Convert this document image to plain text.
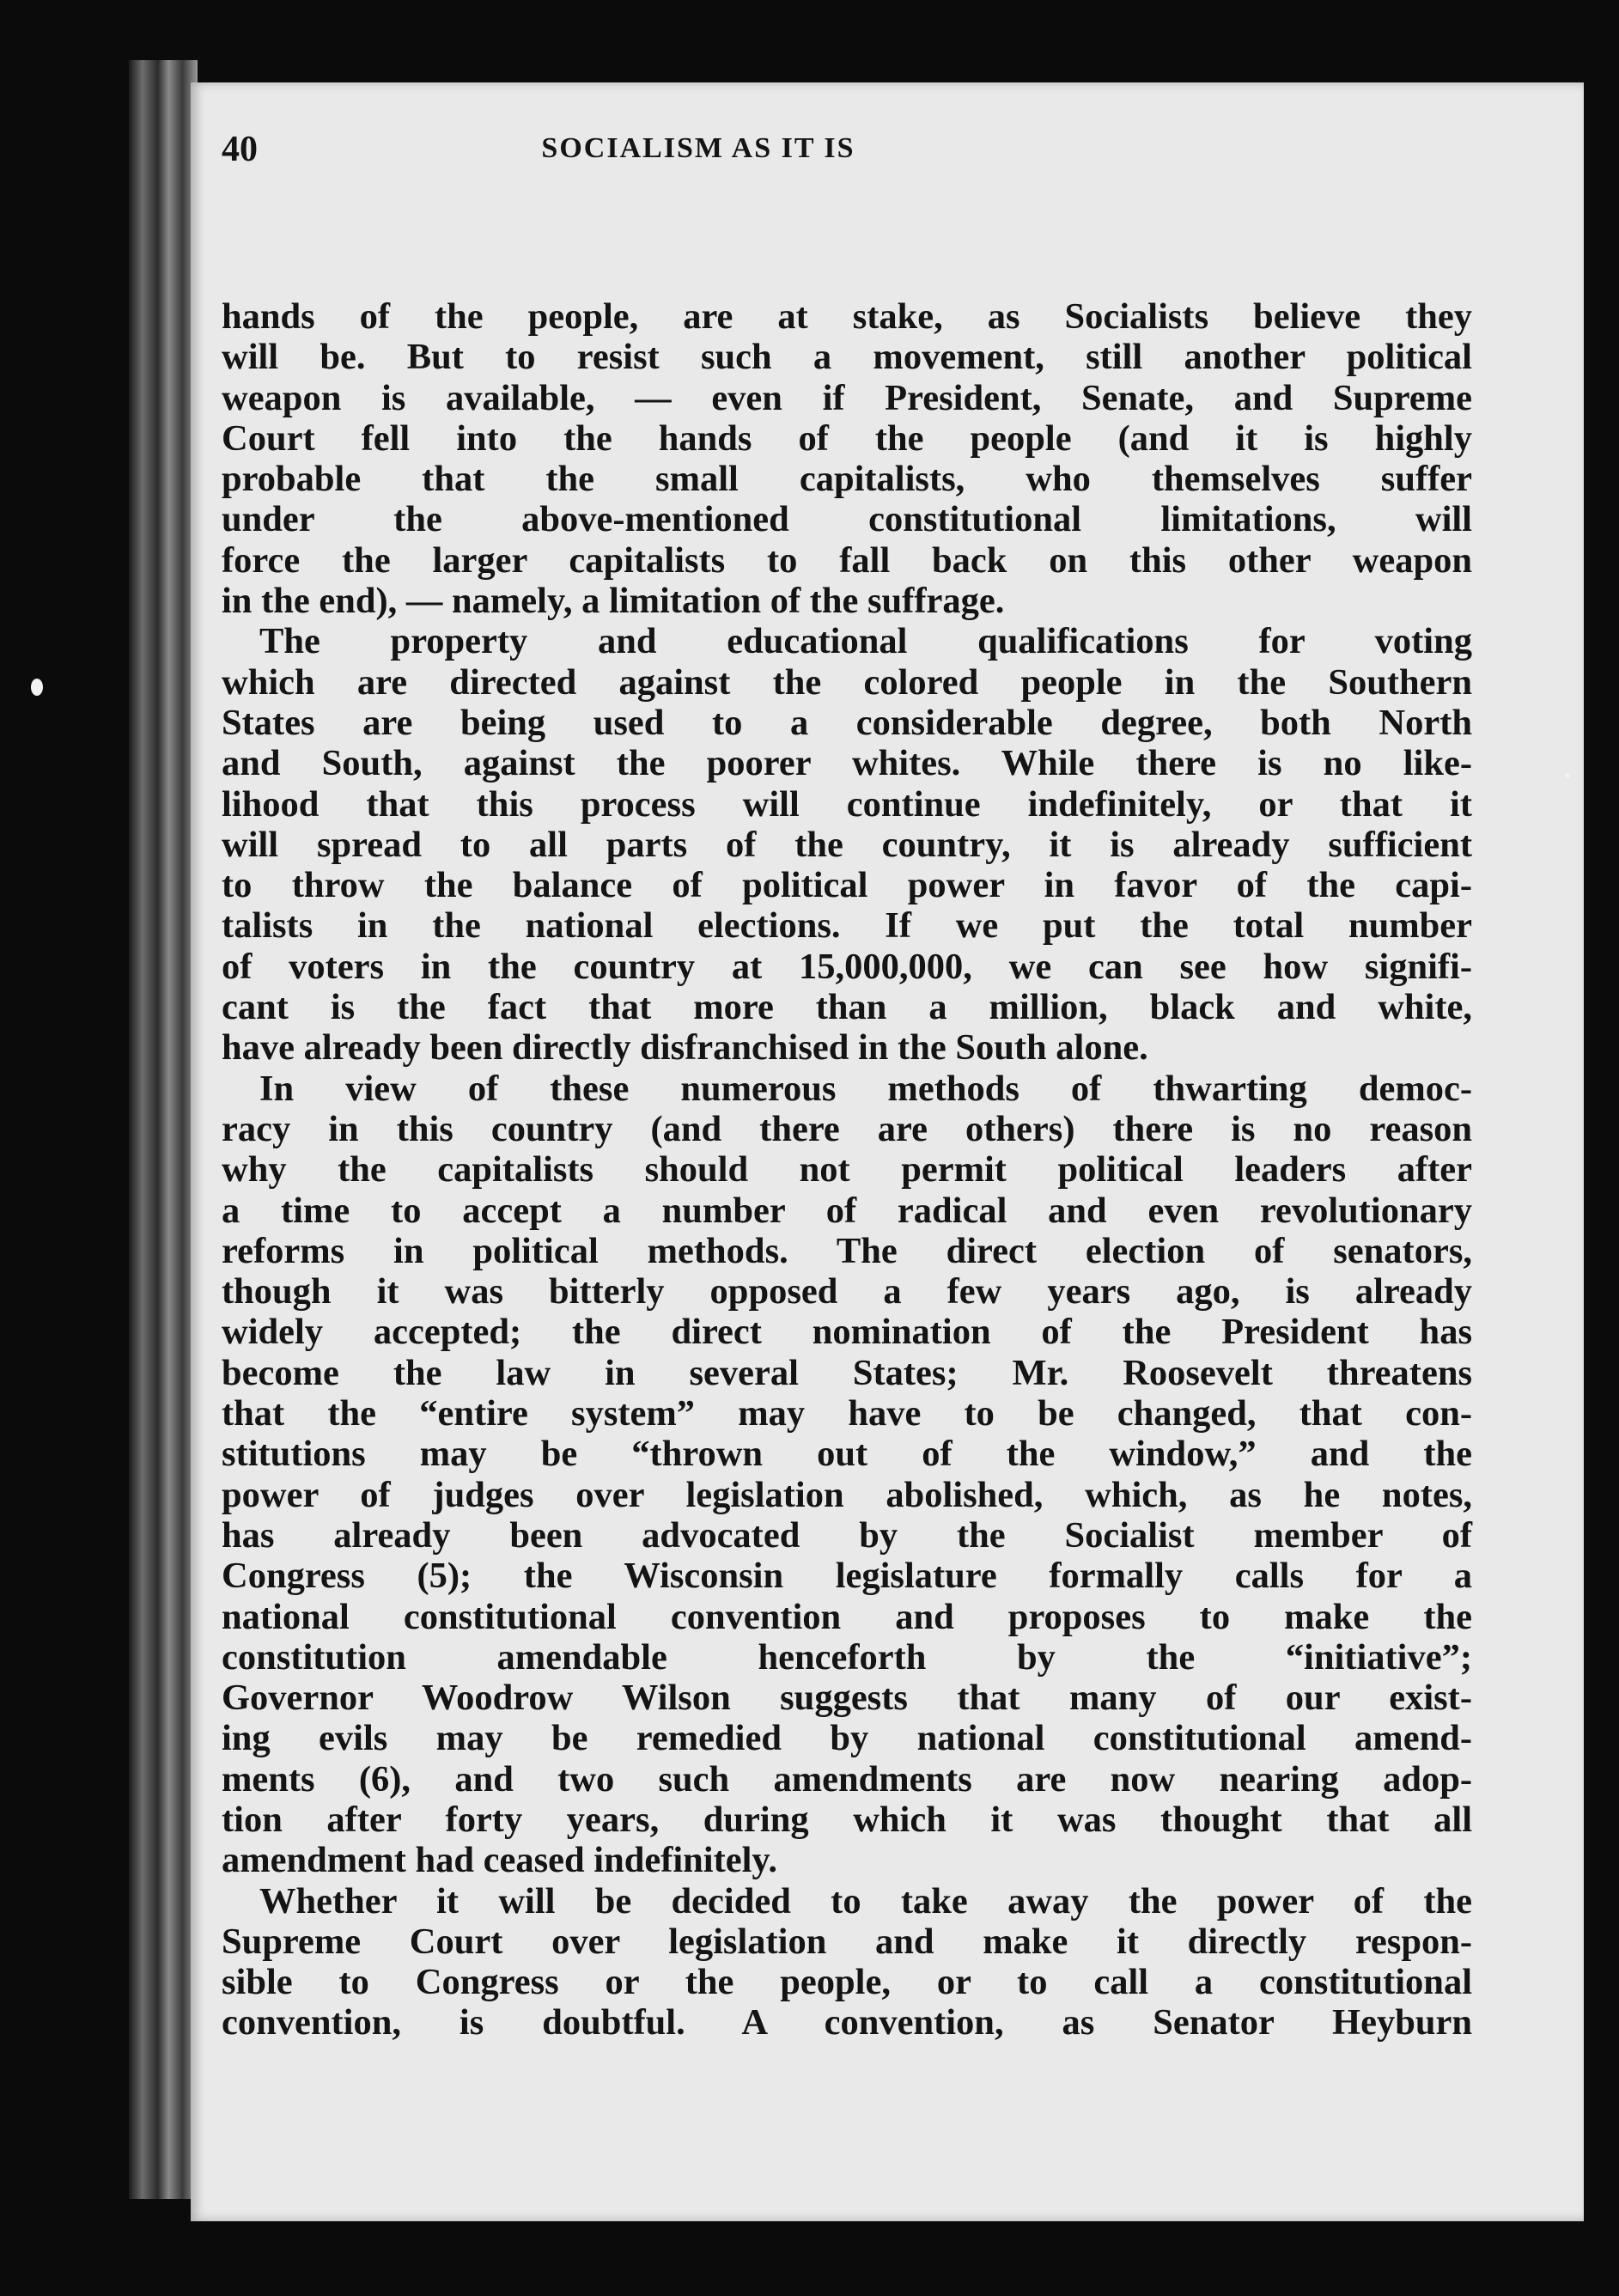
40	SOCIALISM AS IT IS
hands of the people, are at stake, as Socialists believe they
will be. But to resist such a movement, still another political
weapon is available, — even if President, Senate, and Supreme
Court fell into the hands of the people (and it is highly
probable that the small capitalists, who themselves suffer
under the above-mentioned constitutional limitations, will
force the larger capitalists to fall back on this other weapon
in the end), — namely, a limitation of the suffrage.
The property and educational qualifications for voting
which are directed against the colored people in the Southern
States are being used to a considerable degree, both North
and South, against the poorer whites. While there is no like-
lihood that this process will continue indefinitely, or that it
will spread to all parts of the country, it is already sufficient
to throw the balance of political power in favor of the capi-
talists in the national elections. If we put the total number
of voters in the country at 15,000,000, we can see how signifi-
cant is the fact that more than a million, black and white,
have already been directly disfranchised in the South alone.
In view of these numerous methods of thwarting democ-
racy in this country (and there are others) there is no reason
why the capitalists should not permit political leaders after
a time to accept a number of radical and even revolutionary
reforms in political methods. The direct election of senators,
though it was bitterly opposed a few years ago, is already
widely accepted; the direct nomination of the President has
become the law in several States; Mr. Roosevelt threatens
that the “entire system” may have to be changed, that con-
stitutions may be “thrown out of the window,” and the
power of judges over legislation abolished, which, as he notes,
has already been advocated by the Socialist member of
Congress (5); the Wisconsin legislature formally calls for a
national constitutional convention and proposes to make the
constitution amendable henceforth by the “initiative”;
Governor Woodrow Wilson suggests that many of our exist-
ing evils may be remedied by national constitutional amend-
ments (6), and two such amendments are now nearing adop-
tion after forty years, during which it was thought that all
amendment had ceased indefinitely.
Whether it will be decided to take away the power of the
Supreme Court over legislation and make it directly respon-
sible to Congress or the people, or to call a constitutional
convention, is doubtful. A convention, as Senator Heyburn
